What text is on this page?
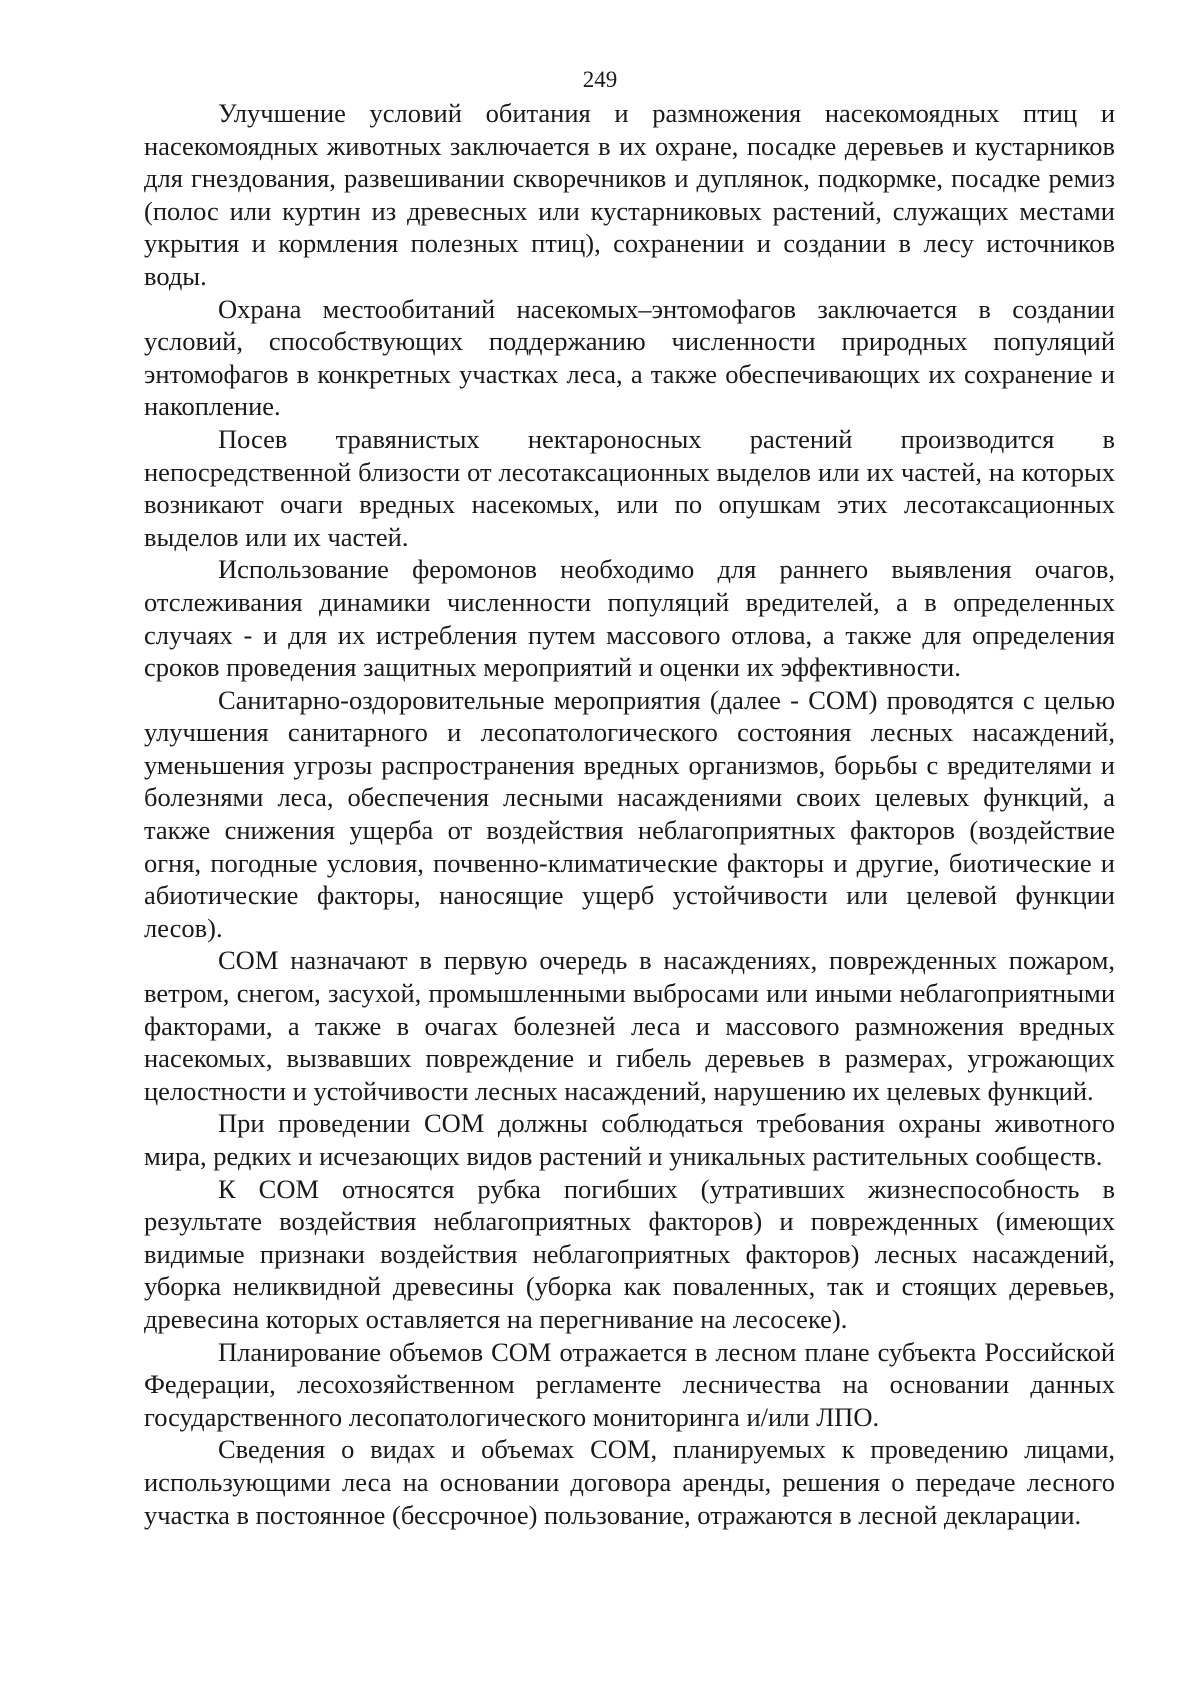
249

Улучшение условий обитания и размножения насекомоядных птиц и насекомоядных животных заключается в их охране, посадке деревьев и кустарников для гнездования, развешивании скворечников и дуплянок, подкормке, посадке ремиз (полос или куртин из древесных или кустарниковых растений, служащих местами укрытия и кормления полезных птиц), сохранении и создании в лесу источников воды.

Охрана местообитаний насекомых–энтомофагов заключается в создании условий, способствующих поддержанию численности природных популяций энтомофагов в конкретных участках леса, а также обеспечивающих их сохранение и накопление.

Посев травянистых нектароносных растений производится в непосредственной близости от лесотаксационных выделов или их частей, на которых возникают очаги вредных насекомых, или по опушкам этих лесотаксационных выделов или их частей.

Использование феромонов необходимо для раннего выявления очагов, отслеживания динамики численности популяций вредителей, а в определенных случаях - и для их истребления путем массового отлова, а также для определения сроков проведения защитных мероприятий и оценки их эффективности.

Санитарно-оздоровительные мероприятия (далее - СОМ) проводятся с целью улучшения санитарного и лесопатологического состояния лесных насаждений, уменьшения угрозы распространения вредных организмов, борьбы с вредителями и болезнями леса, обеспечения лесными насаждениями своих целевых функций, а также снижения ущерба от воздействия неблагоприятных факторов (воздействие огня, погодные условия, почвенно-климатические факторы и другие, биотические и абиотические факторы, наносящие ущерб устойчивости или целевой функции лесов).

СОМ назначают в первую очередь в насаждениях, поврежденных пожаром, ветром, снегом, засухой, промышленными выбросами или иными неблагоприятными факторами, а также в очагах болезней леса и массового размножения вредных насекомых, вызвавших повреждение и гибель деревьев в размерах, угрожающих целостности и устойчивости лесных насаждений, нарушению их целевых функций.

При проведении СОМ должны соблюдаться требования охраны животного мира, редких и исчезающих видов растений и уникальных растительных сообществ.

К СОМ относятся рубка погибших (утративших жизнеспособность в результате воздействия неблагоприятных факторов) и поврежденных (имеющих видимые признаки воздействия неблагоприятных факторов) лесных насаждений, уборка неликвидной древесины (уборка как поваленных, так и стоящих деревьев, древесина которых оставляется на перегнивание на лесосеке).

Планирование объемов СОМ отражается в лесном плане субъекта Российской Федерации, лесохозяйственном регламенте лесничества на основании данных государственного лесопатологического мониторинга и/или ЛПО.

Сведения о видах и объемах СОМ, планируемых к проведению лицами, использующими леса на основании договора аренды, решения о передаче лесного участка в постоянное (бессрочное) пользование, отражаются в лесной декларации.
